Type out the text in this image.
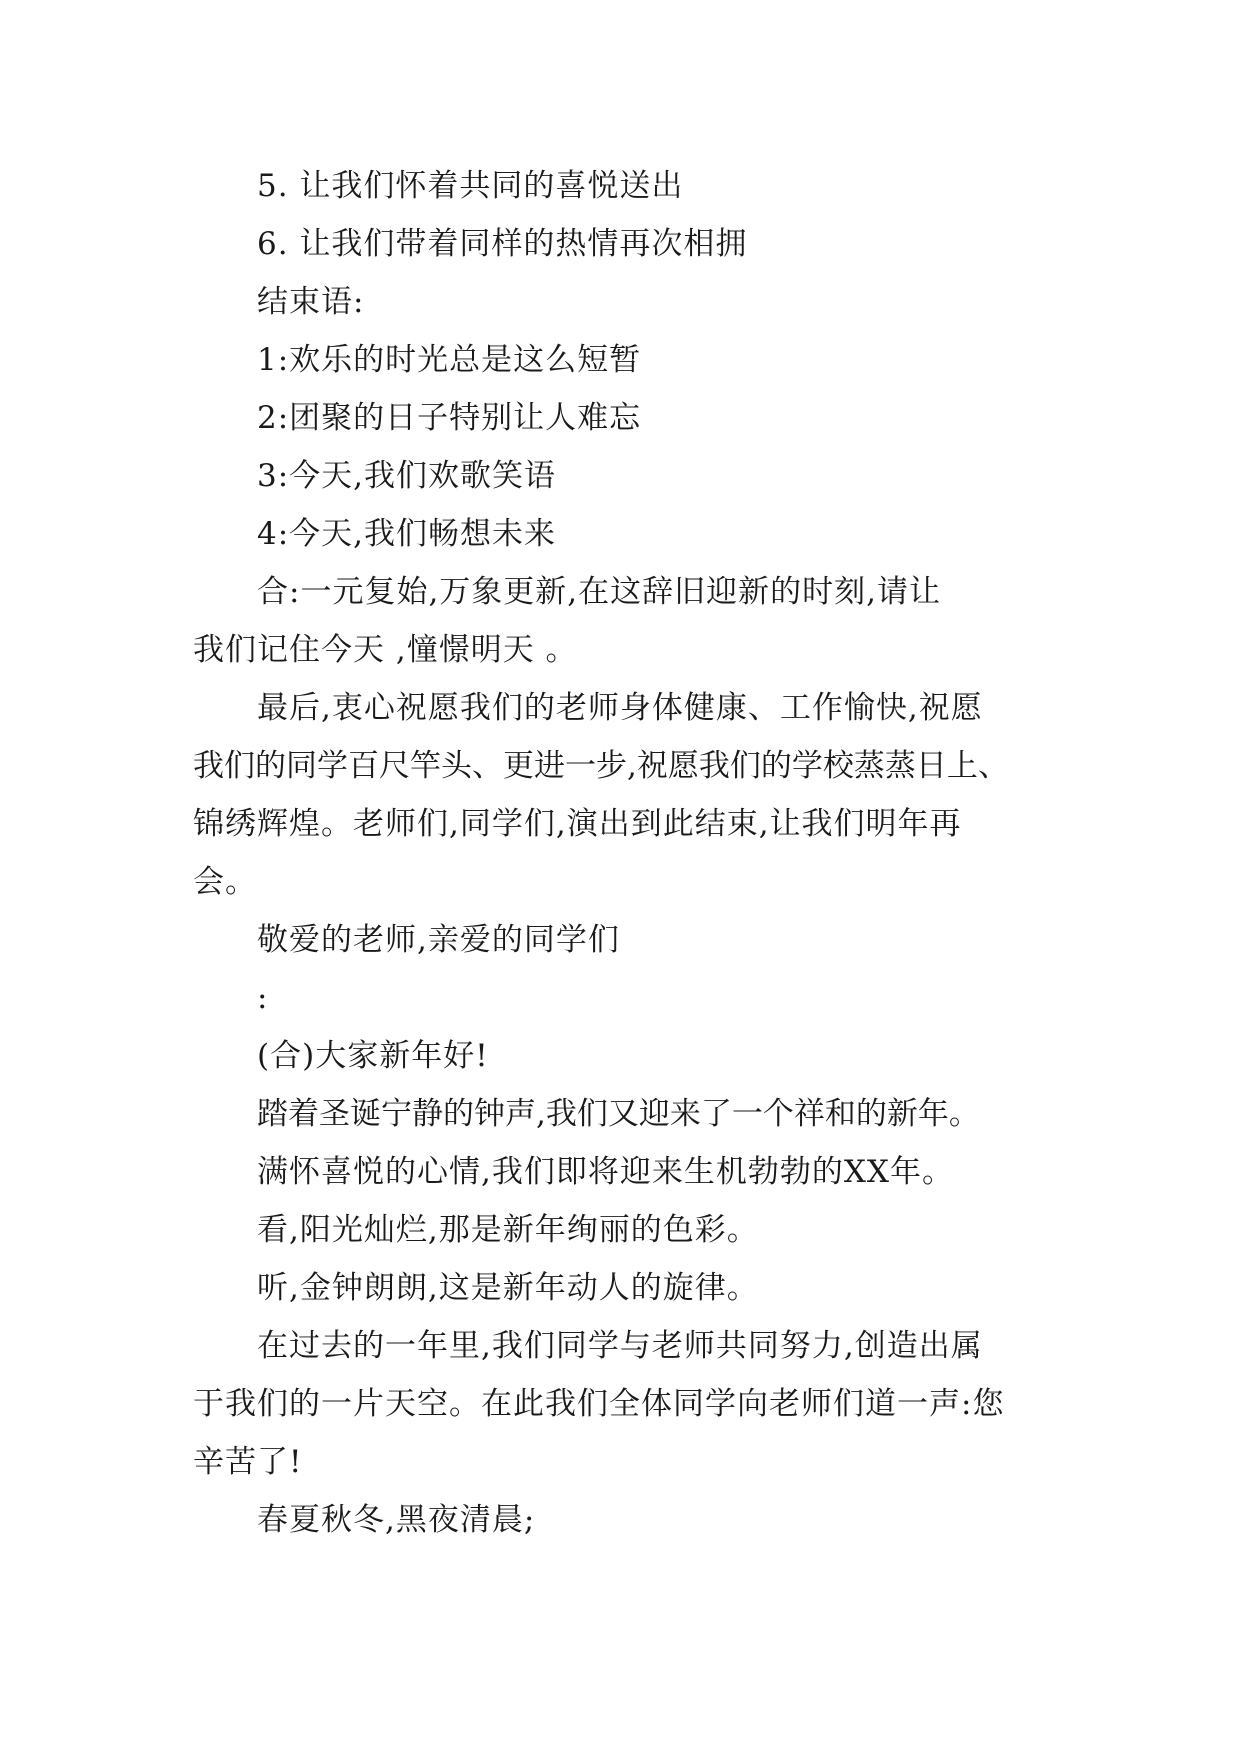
5. 让我们怀着共同的喜悦送出
6. 让我们带着同样的热情再次相拥
结束语:
1:欢乐的时光总是这么短暂
2:团聚的日子特别让人难忘
3:今天,我们欢歌笑语
4:今天,我们畅想未来
合:一元复始,万象更新,在这辞旧迎新的时刻,请让
我们记住今天 ,憧憬明天 。
最后,衷心祝愿我们的老师身体健康、工作愉快,祝愿
我们的同学百尺竿头、更进一步,祝愿我们的学校蒸蒸日上、
锦绣辉煌。老师们,同学们,演出到此结束,让我们明年再
会。
敬爱的老师,亲爱的同学们
:
(合)大家新年好!
踏着圣诞宁静的钟声,我们又迎来了一个祥和的新年。
满怀喜悦的心情,我们即将迎来生机勃勃的XX年。
看,阳光灿烂,那是新年绚丽的色彩。
听,金钟朗朗,这是新年动人的旋律。
在过去的一年里,我们同学与老师共同努力,创造出属
于我们的一片天空。在此我们全体同学向老师们道一声:您
辛苦了!
春夏秋冬,黑夜清晨;
